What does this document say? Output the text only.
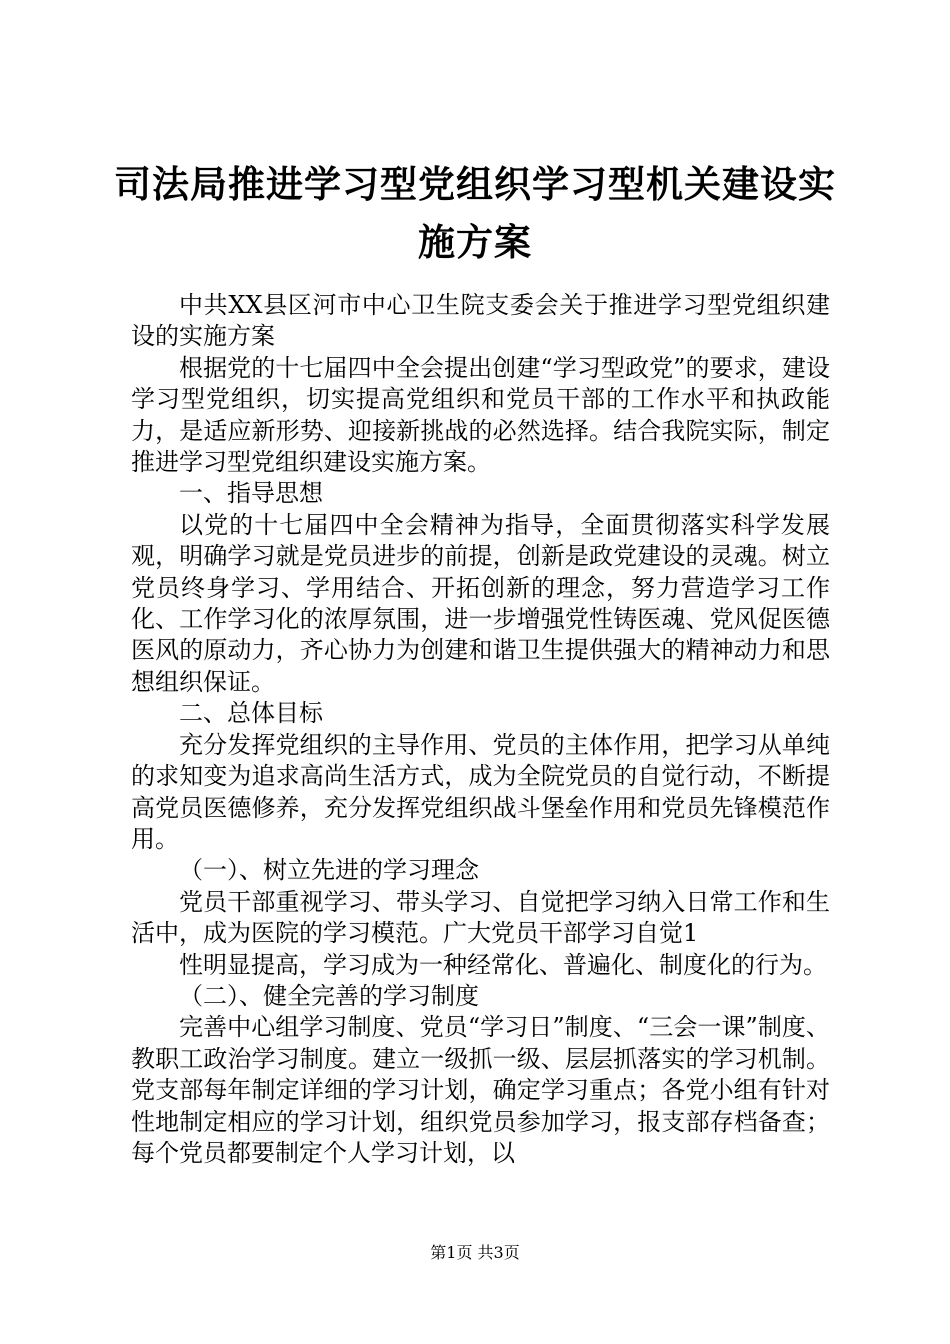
司法局推进学习型党组织学习型机关建设实施方案

中共XX县区河市中心卫生院支委会关于推进学习型党组织建设的实施方案

根据党的十七届四中全会提出创建“学习型政党”的要求，建设学习型党组织，切实提高党组织和党员干部的工作水平和执政能力，是适应新形势、迎接新挑战的必然选择。结合我院实际，制定推进学习型党组织建设实施方案。

一、指导思想

以党的十七届四中全会精神为指导，全面贯彻落实科学发展观，明确学习就是党员进步的前提，创新是政党建设的灵魂。树立党员终身学习、学用结合、开拓创新的理念，努力营造学习工作化、工作学习化的浓厚氛围，进一步增强党性铸医魂、党风促医德医风的原动力，齐心协力为创建和谐卫生提供强大的精神动力和思想组织保证。

二、总体目标

充分发挥党组织的主导作用、党员的主体作用，把学习从单纯的求知变为追求高尚生活方式，成为全院党员的自觉行动，不断提高党员医德修养，充分发挥党组织战斗堡垒作用和党员先锋模范作用。

（一）、树立先进的学习理念

党员干部重视学习、带头学习、自觉把学习纳入日常工作和生活中，成为医院的学习模范。广大党员干部学习自觉1

性明显提高，学习成为一种经常化、普遍化、制度化的行为。

（二）、健全完善的学习制度

完善中心组学习制度、党员“学习日”制度、“三会一课”制度、教职工政治学习制度。建立一级抓一级、层层抓落实的学习机制。党支部每年制定详细的学习计划，确定学习重点；各党小组有针对性地制定相应的学习计划，组织党员参加学习，报支部存档备查；每个党员都要制定个人学习计划，以

第1页 共3页
